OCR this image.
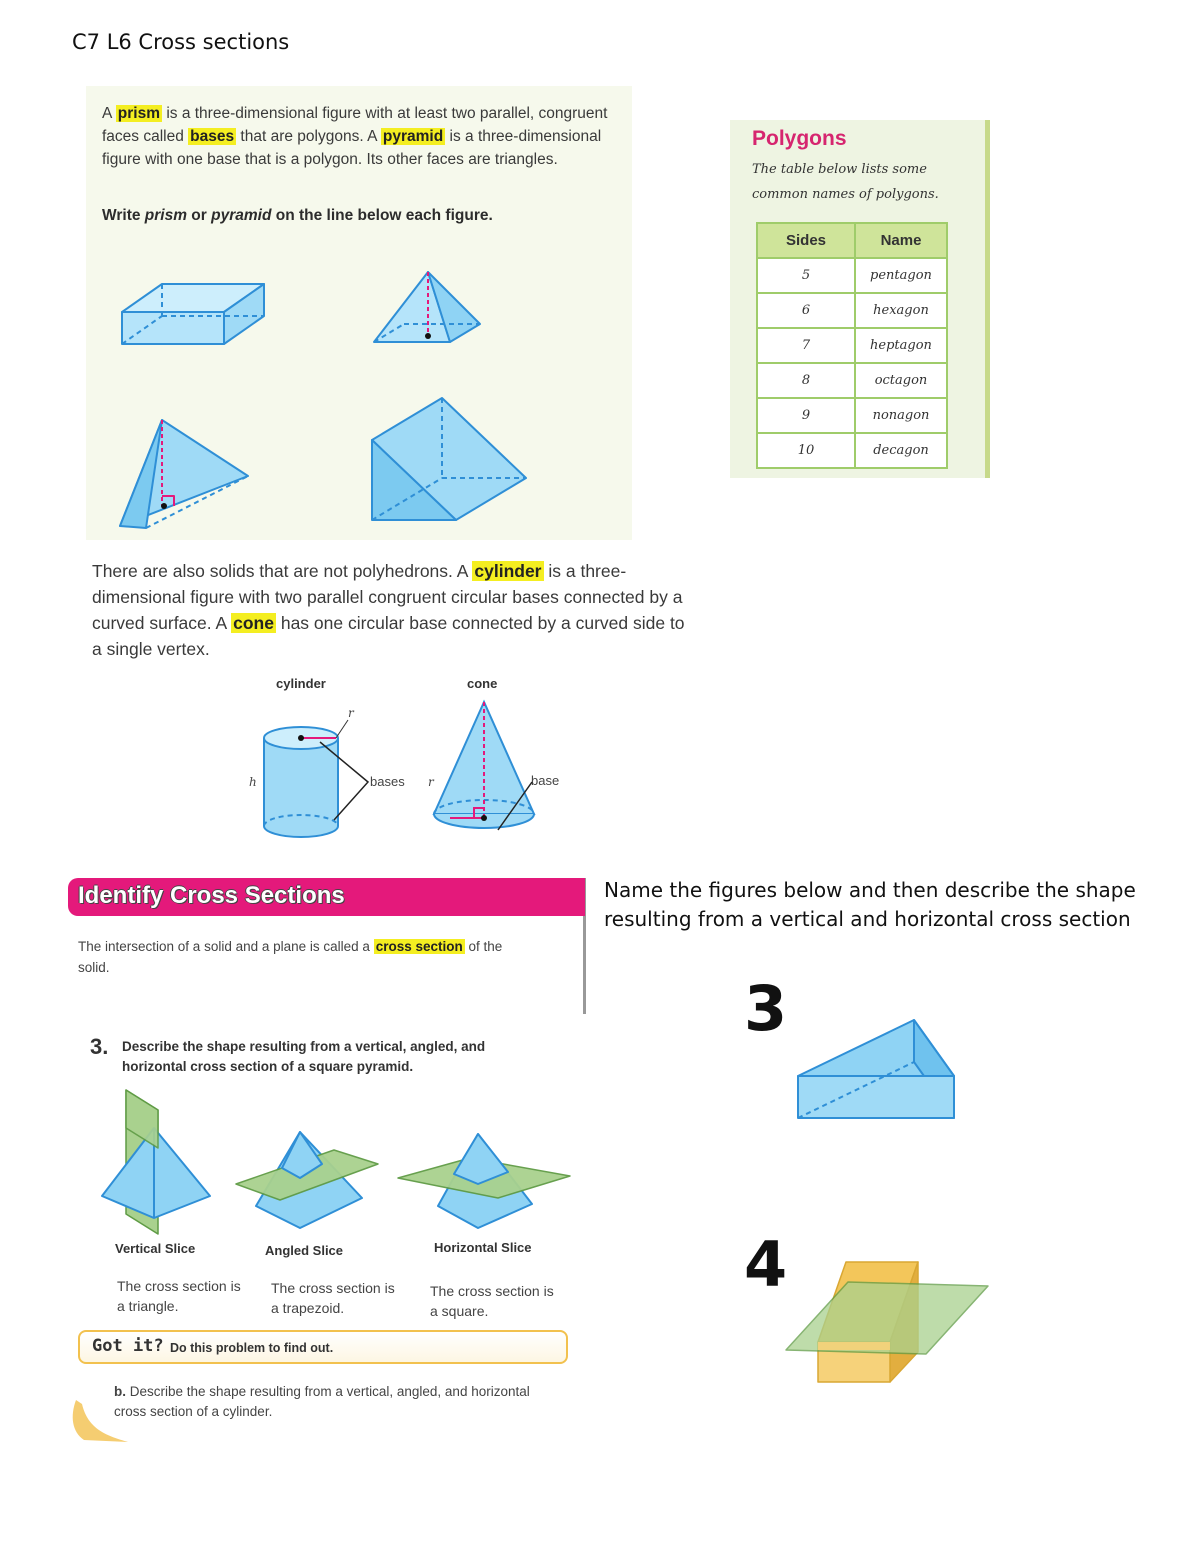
C7 L6 Cross sections
A prism is a three-dimensional figure with at least two parallel, congruent faces called bases that are polygons. A pyramid is a three-dimensional figure with one base that is a polygon. Its other faces are triangles.
Write prism or pyramid on the line below each figure.
Polygons
The table below lists some common names of polygons.
Sides	Name
5	pentagon
6	hexagon
7	heptagon
8	octagon
9	nonagon
10	decagon
There are also solids that are not polyhedrons. A cylinder is a three-dimensional figure with two parallel congruent circular bases connected by a curved surface. A cone has one circular base connected by a curved side to a single vertex.
cylinder	cone
r
h	bases r	base
Identify Cross Sections
The intersection of a solid and a plane is called a cross section of the solid.
3. Describe the shape resulting from a vertical, angled, and horizontal cross section of a square pyramid.
Vertical Slice	Angled Slice	Horizontal Slice
The cross section is a triangle.
The cross section is a trapezoid.
The cross section is a square.
Got it? Do this problem to find out.
b. Describe the shape resulting from a vertical, angled, and horizontal cross section of a cylinder.
Name the figures below and then describe the shape resulting from a vertical and horizontal cross section
3
4
